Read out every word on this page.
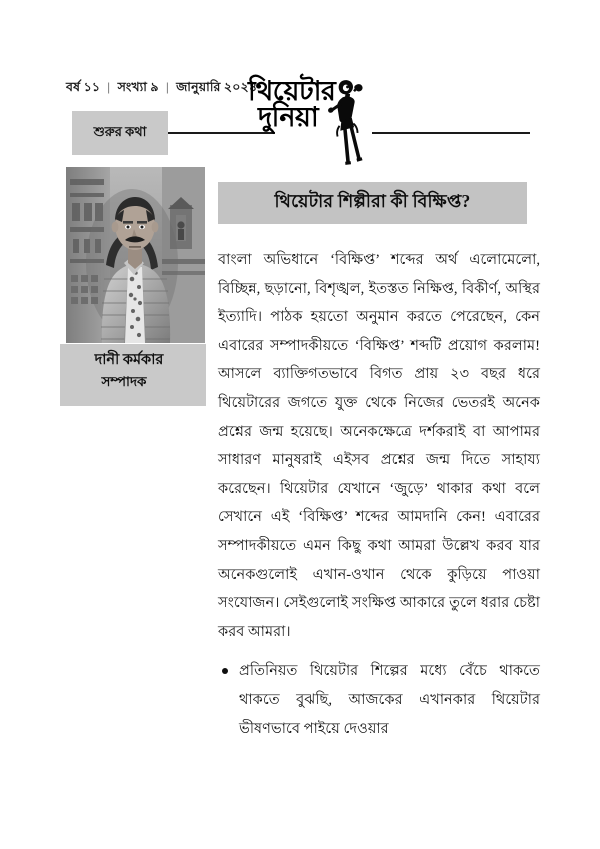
বর্ষ ১১ | সংখ্যা ৯ | জানুয়ারি ২০২৪
শুরুর কথা
থিয়েটার
দুনিয়া
দানী কর্মকার
সম্পাদক
থিয়েটার শিল্পীরা কী বিক্ষিপ্ত?

বাংলা অভিধানে ‘বিক্ষিপ্ত’ শব্দের অর্থ এলোমেলো, বিচ্ছিন্ন, ছড়ানো, বিশৃঙ্খল, ইতস্তত নিক্ষিপ্ত, বিকীর্ণ, অস্থির ইত্যাদি। পাঠক হয়তো অনুমান করতে পেরেছেন, কেন এবারের সম্পাদকীয়তে ‘বিক্ষিপ্ত’ শব্দটি প্রয়োগ করলাম! আসলে ব্যাক্তিগতভাবে বিগত প্রায় ২৩ বছর ধরে থিয়েটারের জগতে যুক্ত থেকে নিজের ভেতরই অনেক প্রশ্নের জন্ম হয়েছে। অনেকক্ষেত্রে দর্শকরাই বা আপামর সাধারণ মানুষরাই এইসব প্রশ্নের জন্ম দিতে সাহায্য করেছেন। থিয়েটার যেখানে ‘জুড়ে’ থাকার কথা বলে সেখানে এই ‘বিক্ষিপ্ত’ শব্দের আমদানি কেন! এবারের সম্পাদকীয়তে এমন কিছু কথা আমরা উল্লেখ করব যার অনেকগুলোই এখান-ওখান থেকে কুড়িয়ে পাওয়া সংযোজন। সেইগুলোই সংক্ষিপ্ত আকারে তুলে ধরার চেষ্টা করব আমরা।

প্রতিনিয়ত থিয়েটার শিল্পের মধ্যে বেঁচে থাকতে থাকতে বুঝছি, আজকের এখানকার থিয়েটার ভীষণভাবে পাইয়ে দেওয়ার
